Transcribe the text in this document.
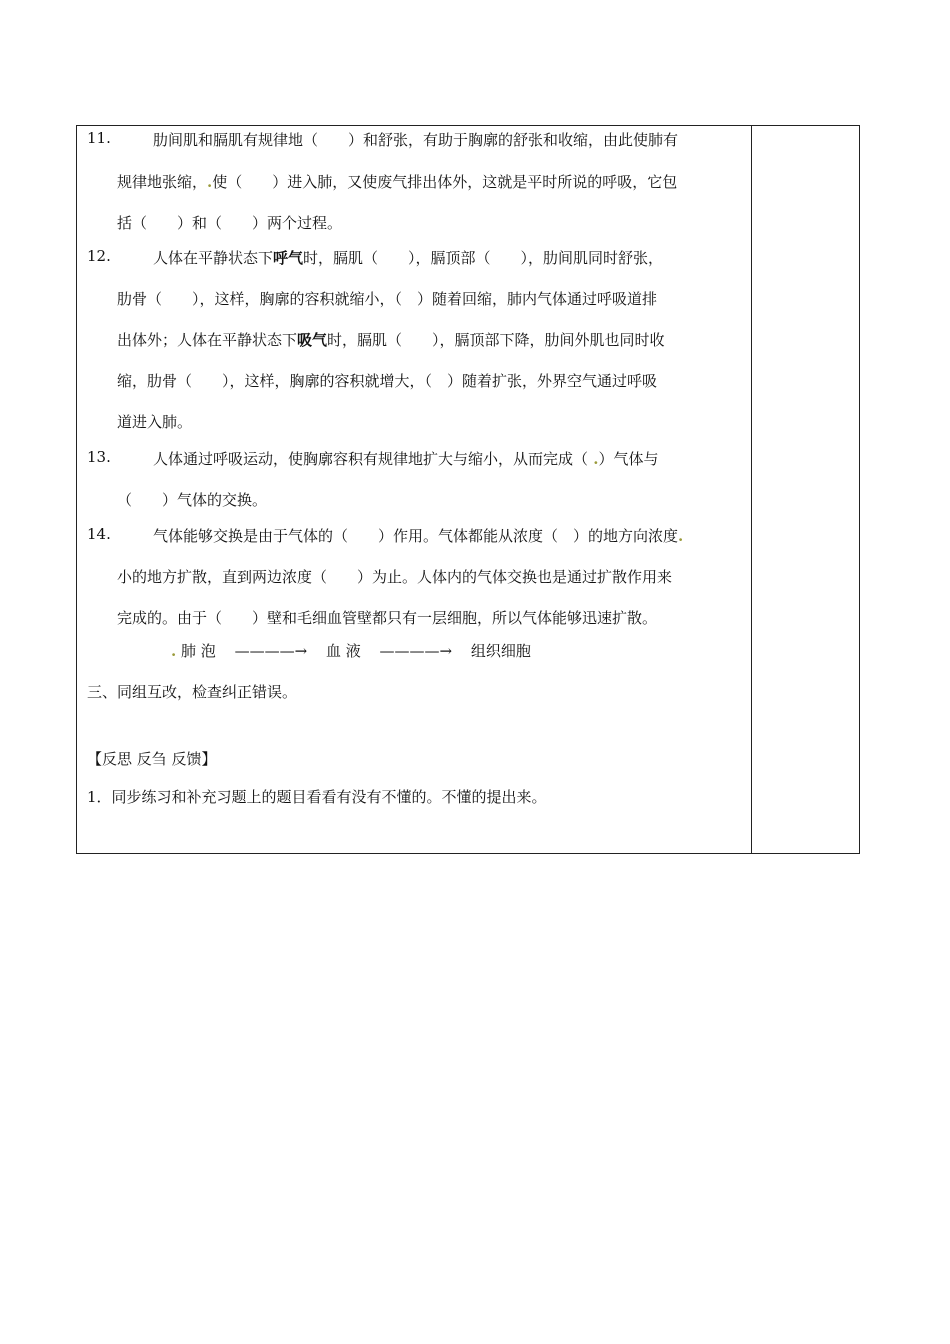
11.	肋间肌和膈肌有规律地（　　）和舒张，有助于胸廓的舒张和收缩，由此使肺有
规律地张缩，.使（　　）进入肺，又使废气排出体外，这就是平时所说的呼吸，它包
括（　　）和（　　）两个过程。
12.	人体在平静状态下呼气时，膈肌（　　），膈顶部（　　），肋间肌同时舒张，
肋骨（　　），这样，胸廓的容积就缩小，（　）随着回缩，肺内气体通过呼吸道排
出体外；人体在平静状态下吸气时，膈肌（　　），膈顶部下降，肋间外肌也同时收
缩，肋骨（　　），这样，胸廓的容积就增大，（　）随着扩张，外界空气通过呼吸
道进入肺。
13.	人体通过呼吸运动，使胸廓容积有规律地扩大与缩小，从而完成（ .）气体与
（　　）气体的交换。
14.	气体能够交换是由于气体的（　　）作用。气体都能从浓度（　）的地方向浓度.
小的地方扩散，直到两边浓度（　　）为止。人体内的气体交换也是通过扩散作用来
完成的。由于（　　）壁和毛细血管壁都只有一层细胞，所以气体能够迅速扩散。
. 肺 泡 ————→ 血 液 ————→ 组织细胞
三、同组互改，检查纠正错误。
【反思 反刍 反馈】
1．同步练习和补充习题上的题目看看有没有不懂的。不懂的提出来。
